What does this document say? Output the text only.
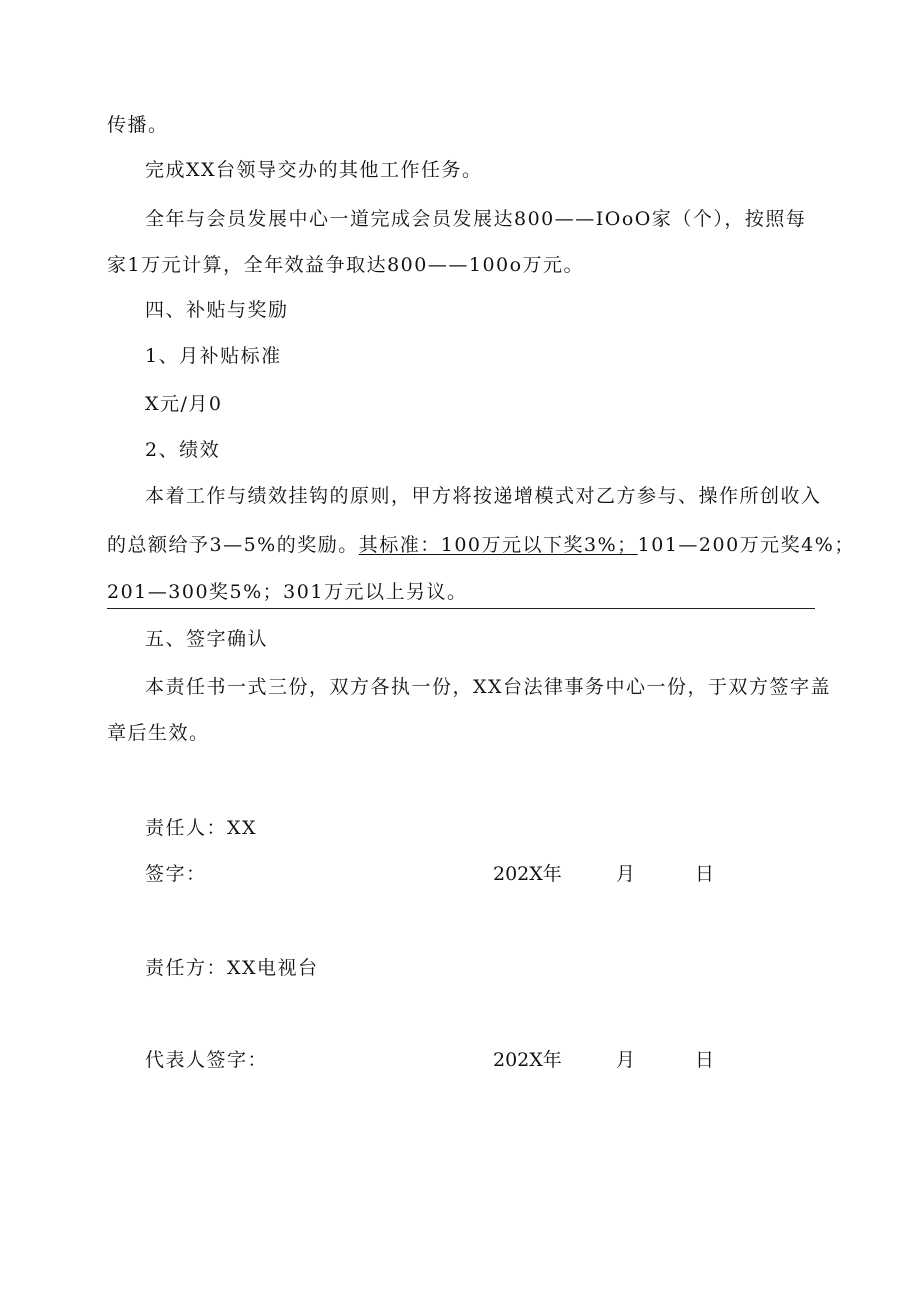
传播。
完成XX台领导交办的其他工作任务。
全年与会员发展中心一道完成会员发展达800——IOoO家（个），按照每
家1万元计算，全年效益争取达800——100o万元。
四、补贴与奖励
1、月补贴标准
X元/月0
2、绩效
本着工作与绩效挂钩的原则，甲方将按递增模式对乙方参与、操作所创收入
的总额给予3—5%的奖励。其标准：100万元以下奖3%；101—200万元奖4%；
201—300奖5%；301万元以上另议。
五、签字确认
本责任书一式三份，双方各执一份，XX台法律事务中心一份，于双方签字盖
章后生效。
责任人：XX
签字：	202X年	月	日
责任方：XX电视台
代表人签字：	202X年	月	日
